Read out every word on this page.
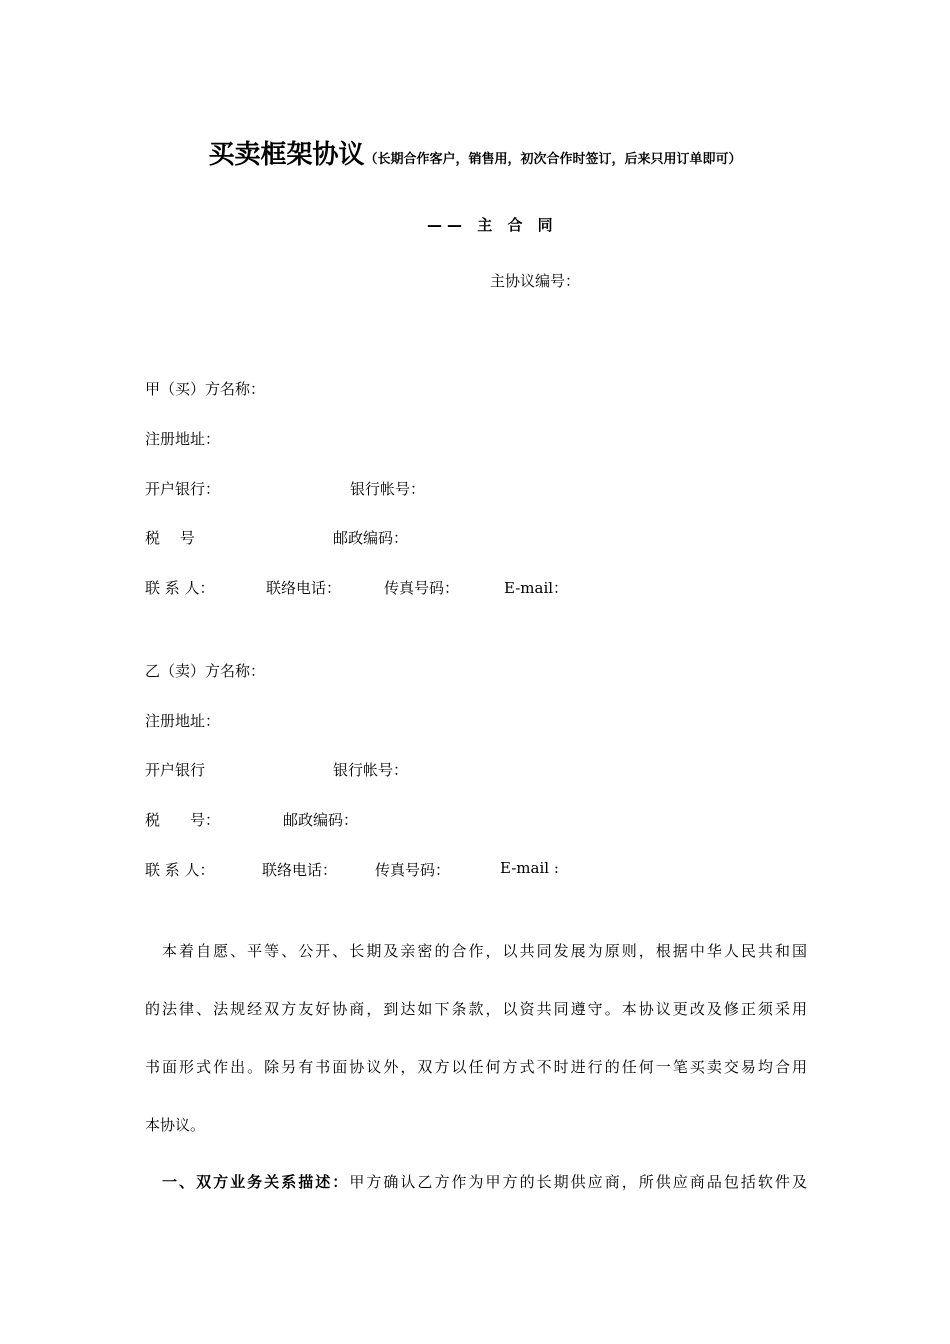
买卖框架协议（长期合作客户，销售用，初次合作时签订，后来只用订单即可）
—— 主 合 同
主协议编号：
甲（买）方名称：
注册地址：
开户银行：	银行帐号：
税　 号	邮政编码：
联 系 人：	联络电话：	传真号码：	E-mail：
乙（卖）方名称：
注册地址：
开户银行	银行帐号：
税　　号：	邮政编码：
联 系 人：	联络电话：	传真号码：	E-mail :
　本着自愿、平等、公开、长期及亲密的合作，以共同发展为原则，根据中华人民共和国
的法律、法规经双方友好协商，到达如下条款，以资共同遵守。本协议更改及修正须采用
书面形式作出。除另有书面协议外，双方以任何方式不时进行的任何一笔买卖交易均合用
本协议。
　一、双方业务关系描述：甲方确认乙方作为甲方的长期供应商，所供应商品包括软件及
